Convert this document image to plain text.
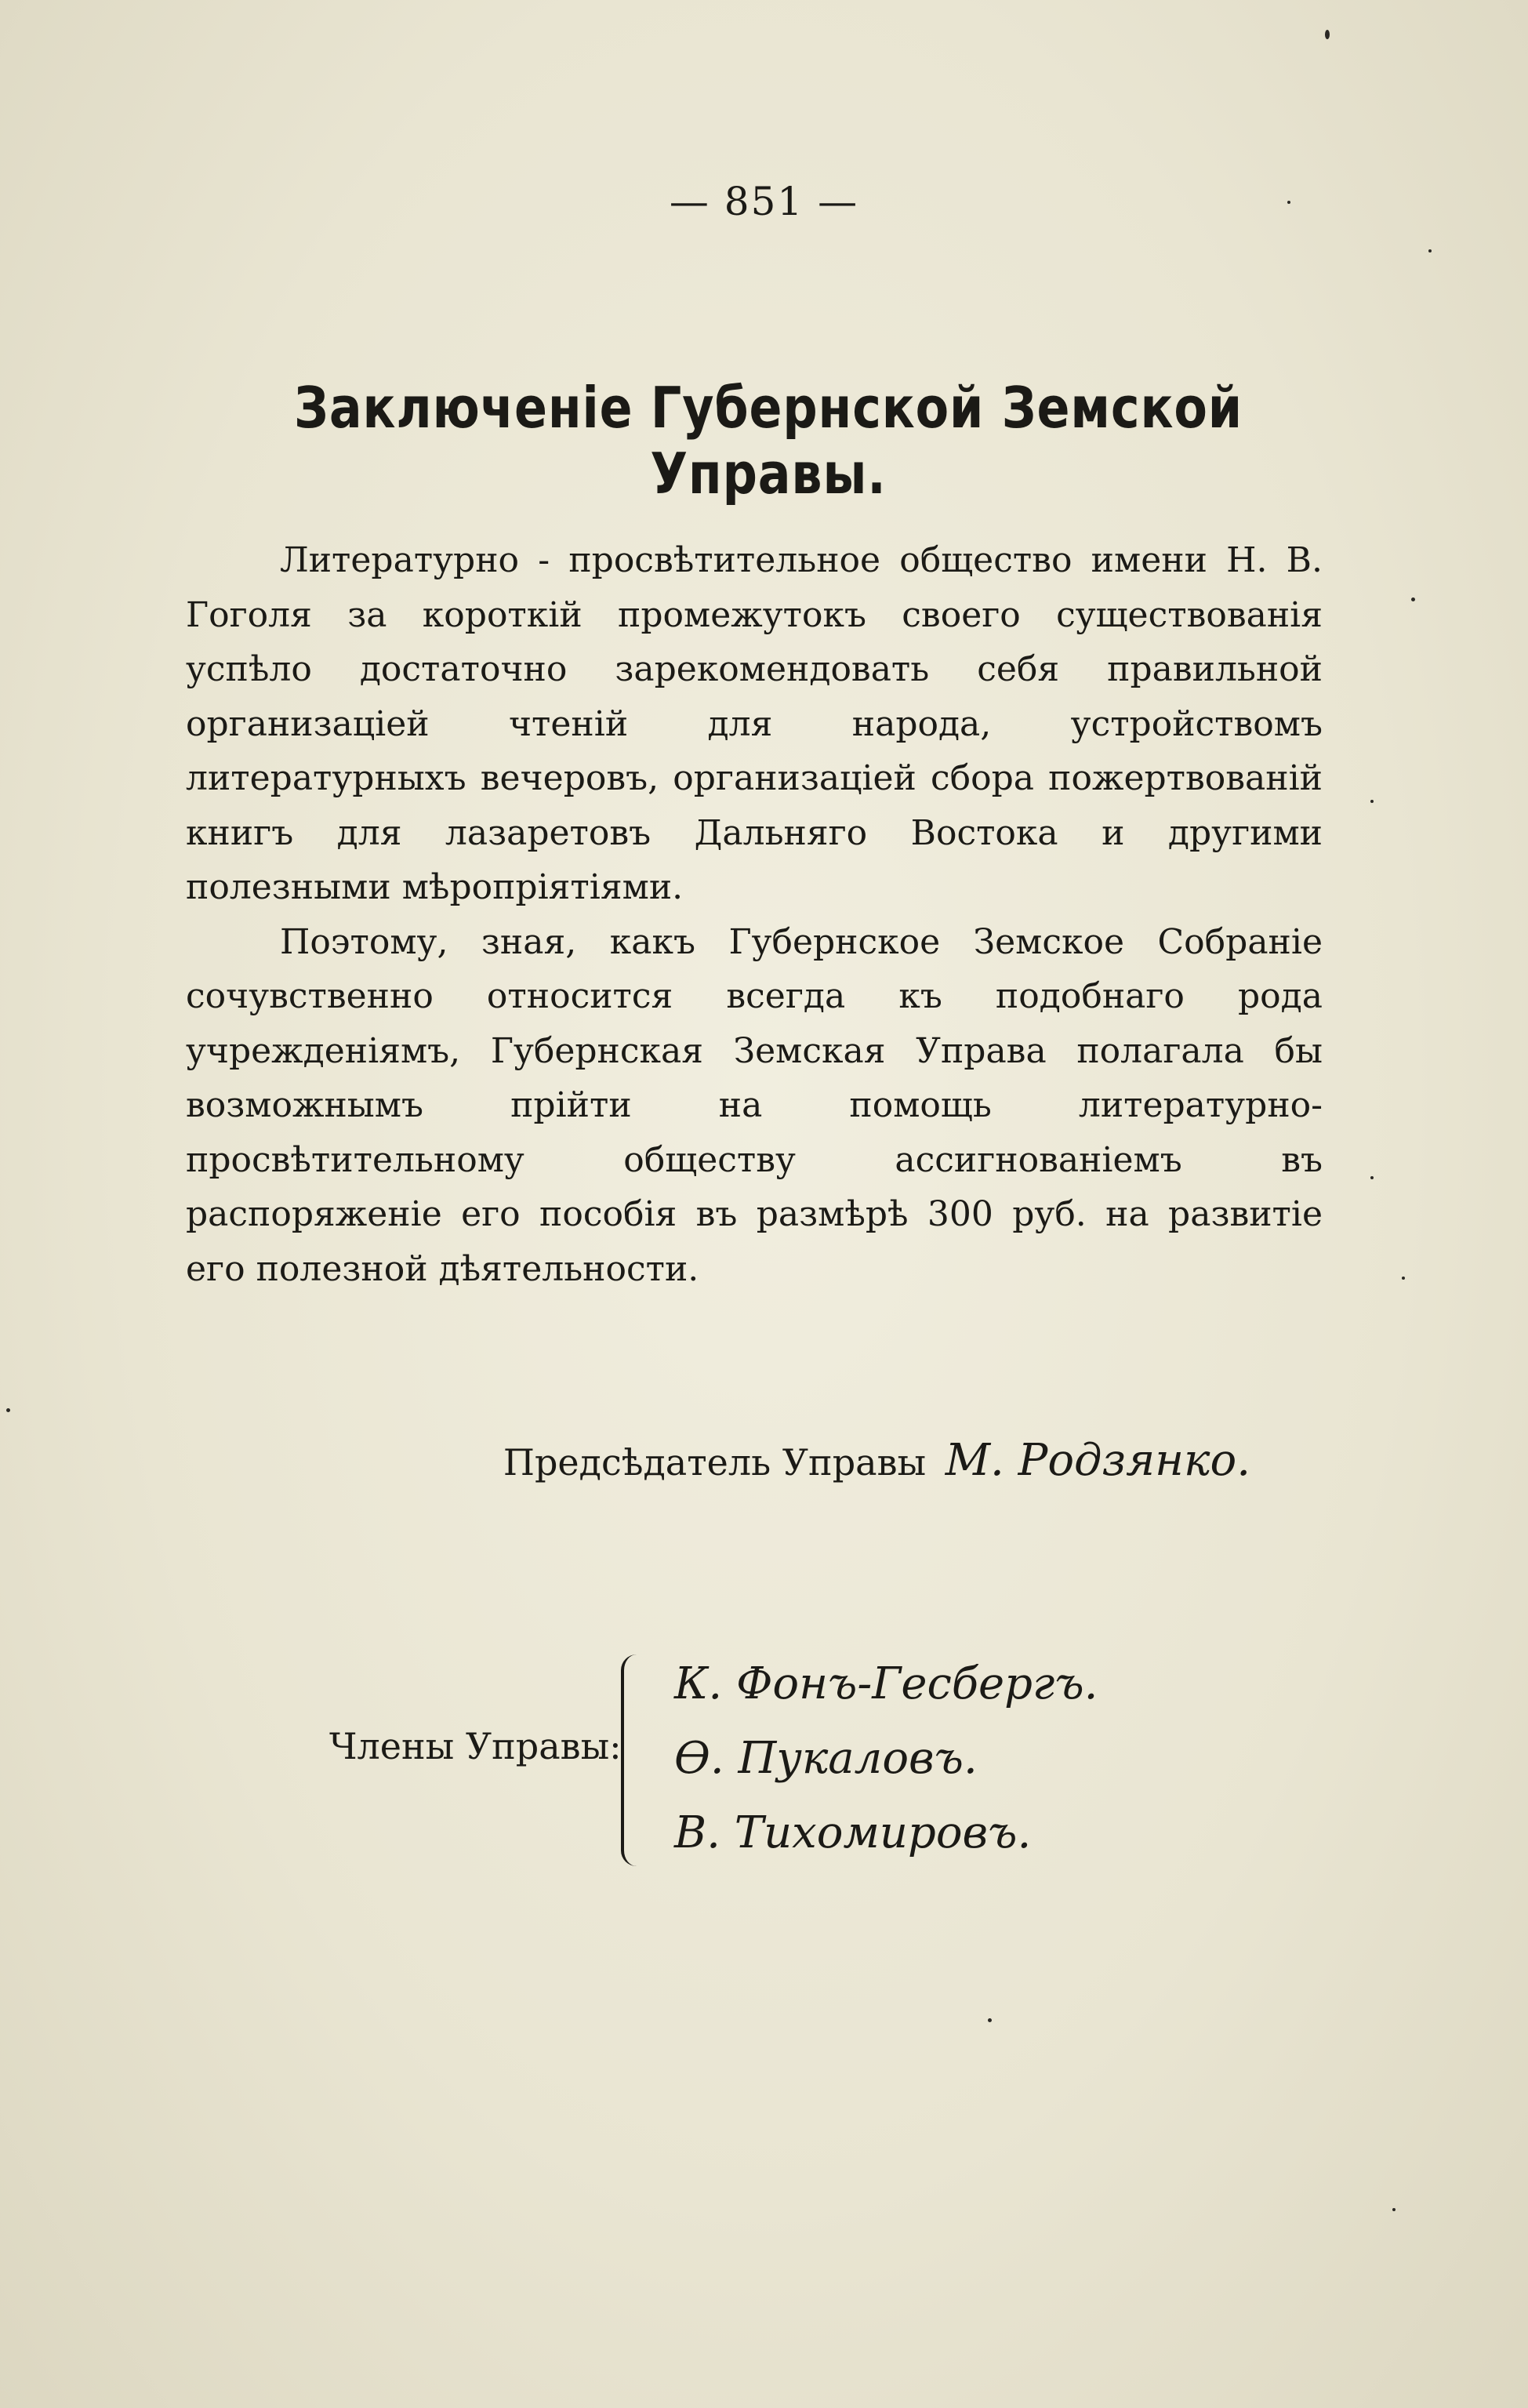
— 851 —
Заключеніе Губернской Земской Управы.

Литературно - просвѣтительное общество имени Н. В. Гоголя за короткій промежутокъ своего существованія успѣло достаточно зарекомендовать себя правильной организаціей чтеній для народа, устройствомъ литературныхъ вечеровъ, организаціей сбора пожертвованій книгъ для лазаретовъ Дальняго Востока и другими полезными мѣропріятіями.

Поэтому, зная, какъ Губернское Земское Собраніе сочувственно относится всегда къ подобнаго рода учрежденіямъ, Губернская Земская Управа полагала бы возможнымъ прійти на помощь литературно-просвѣтительному обществу ассигнованіемъ въ распоряженіе его пособія въ размѣрѣ 300 руб. на развитіе его полезной дѣятельности.

Предсѣдатель Управы М. Родзянко.
Члены Управы:
К. Фонъ-Гесбергъ.
Ѳ. Пукаловъ.
В. Тихомировъ.
